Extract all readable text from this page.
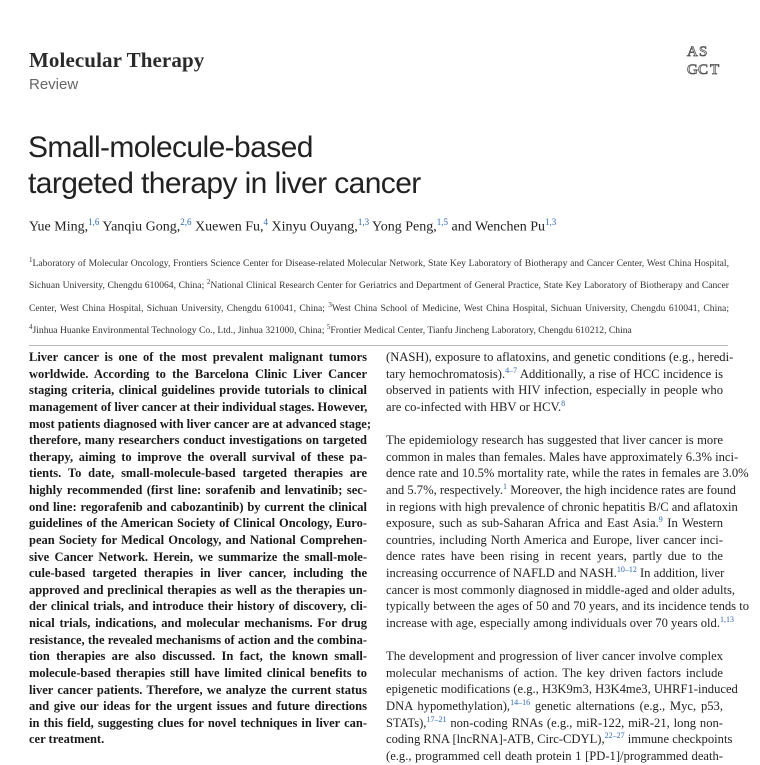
Molecular Therapy
Review
A S
G C T
Small-molecule-based
targeted therapy in liver cancer
Yue Ming,$^{1,6}$ Yanqiu Gong,$^{2,6}$ Xuewen Fu,$^4$ Xinyu Ouyang,$^{1,3}$ Yong Peng,$^{1,5}$ and Wenchen Pu$^{1,3}$
$^1$Laboratory of Molecular Oncology, Frontiers Science Center for Disease-related Molecular Network, State Key Laboratory of Biotherapy and Cancer Center, West China Hospital, Sichuan University, Chengdu 610064, China; $^2$National Clinical Research Center for Geriatrics and Department of General Practice, State Key Laboratory of Biotherapy and Cancer Center, West China Hospital, Sichuan University, Chengdu 610041, China; $^3$West China School of Medicine, West China Hospital, Sichuan University, Chengdu 610041, China; $^4$Jinhua Huanke Environmental Technology Co., Ltd., Jinhua 321000, China; $^5$Frontier Medical Center, Tianfu Jincheng Laboratory, Chengdu 610212, China
Liver cancer is one of the most prevalent malignant tumors
worldwide. According to the Barcelona Clinic Liver Cancer
staging criteria, clinical guidelines provide tutorials to clinical
management of liver cancer at their individual stages. However,
most patients diagnosed with liver cancer are at advanced stage;
therefore, many researchers conduct investigations on targeted
therapy, aiming to improve the overall survival of these pa-
tients. To date, small-molecule-based targeted therapies are
highly recommended (first line: sorafenib and lenvatinib; sec-
ond line: regorafenib and cabozantinib) by current the clinical
guidelines of the American Society of Clinical Oncology, Euro-
pean Society for Medical Oncology, and National Comprehen-
sive Cancer Network. Herein, we summarize the small-mole-
cule-based targeted therapies in liver cancer, including the
approved and preclinical therapies as well as the therapies un-
der clinical trials, and introduce their history of discovery, cli-
nical trials, indications, and molecular mechanisms. For drug
resistance, the revealed mechanisms of action and the combina-
tion therapies are also discussed. In fact, the known small-
molecule-based therapies still have limited clinical benefits to
liver cancer patients. Therefore, we analyze the current status
and give our ideas for the urgent issues and future directions
in this field, suggesting clues for novel techniques in liver can-
cer treatment.

(NASH), exposure to aflatoxins, and genetic conditions (e.g., heredi-
tary hemochromatosis).$^{4-7}$ Additionally, a rise of HCC incidence is
observed in patients with HIV infection, especially in people who
are co-infected with HBV or HCV.$^8$

The epidemiology research has suggested that liver cancer is more
common in males than females. Males have approximately 6.3% inci-
dence rate and 10.5% mortality rate, while the rates in females are 3.0%
and 5.7%, respectively.$^1$ Moreover, the high incidence rates are found
in regions with high prevalence of chronic hepatitis B/C and aflatoxin
exposure, such as sub-Saharan Africa and East Asia.$^9$ In Western
countries, including North America and Europe, liver cancer inci-
dence rates have been rising in recent years, partly due to the
increasing occurrence of NAFLD and NASH.$^{10-12}$ In addition, liver
cancer is most commonly diagnosed in middle-aged and older adults,
typically between the ages of 50 and 70 years, and its incidence tends to
increase with age, especially among individuals over 70 years old.$^{1,13}$

The development and progression of liver cancer involve complex
molecular mechanisms of action. The key driven factors include
epigenetic modifications (e.g., H3K9m3, H3K4me3, UHRF1-induced
DNA hypomethylation),$^{14-16}$ genetic alternations (e.g., Myc, p53,
STATs),$^{17-21}$ non-coding RNAs (e.g., miR-122, miR-21, long non-
coding RNA [lncRNA]-ATB, Circ-CDYL),$^{22-27}$ immune checkpoints
(e.g., programmed cell death protein 1 [PD-1]/programmed death-
